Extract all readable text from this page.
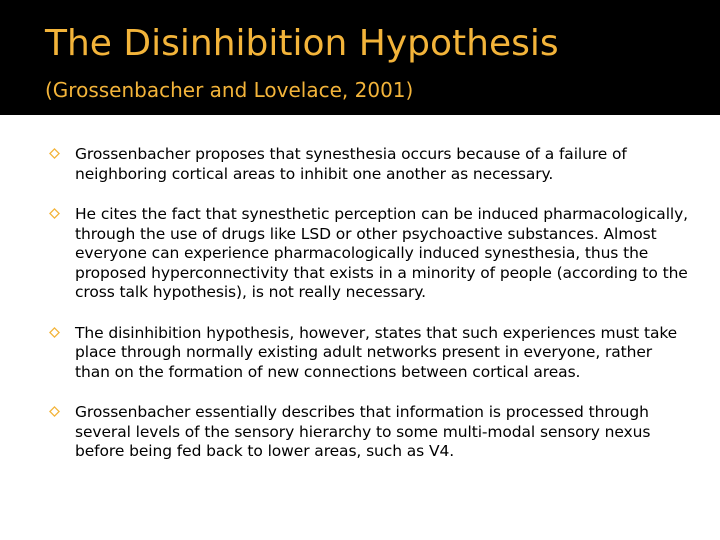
The Disinhibition Hypothesis
(Grossenbacher and Lovelace, 2001)
Grossenbacher proposes that synesthesia occurs because of a failure of neighboring cortical areas to inhibit one another as necessary.
He cites the fact that synesthetic perception can be induced pharmacologically, through the use of drugs like LSD or other psychoactive substances. Almost everyone can experience pharmacologically induced synesthesia, thus the proposed hyperconnectivity that exists in a minority of people (according to the cross talk hypothesis), is not really necessary.
The disinhibition hypothesis, however, states that such experiences must take place through normally existing adult networks present in everyone, rather than on the formation of new connections between cortical areas.
Grossenbacher essentially describes that information is processed through several levels of the sensory hierarchy to some multi-modal sensory nexus before being fed back to lower areas, such as V4.
